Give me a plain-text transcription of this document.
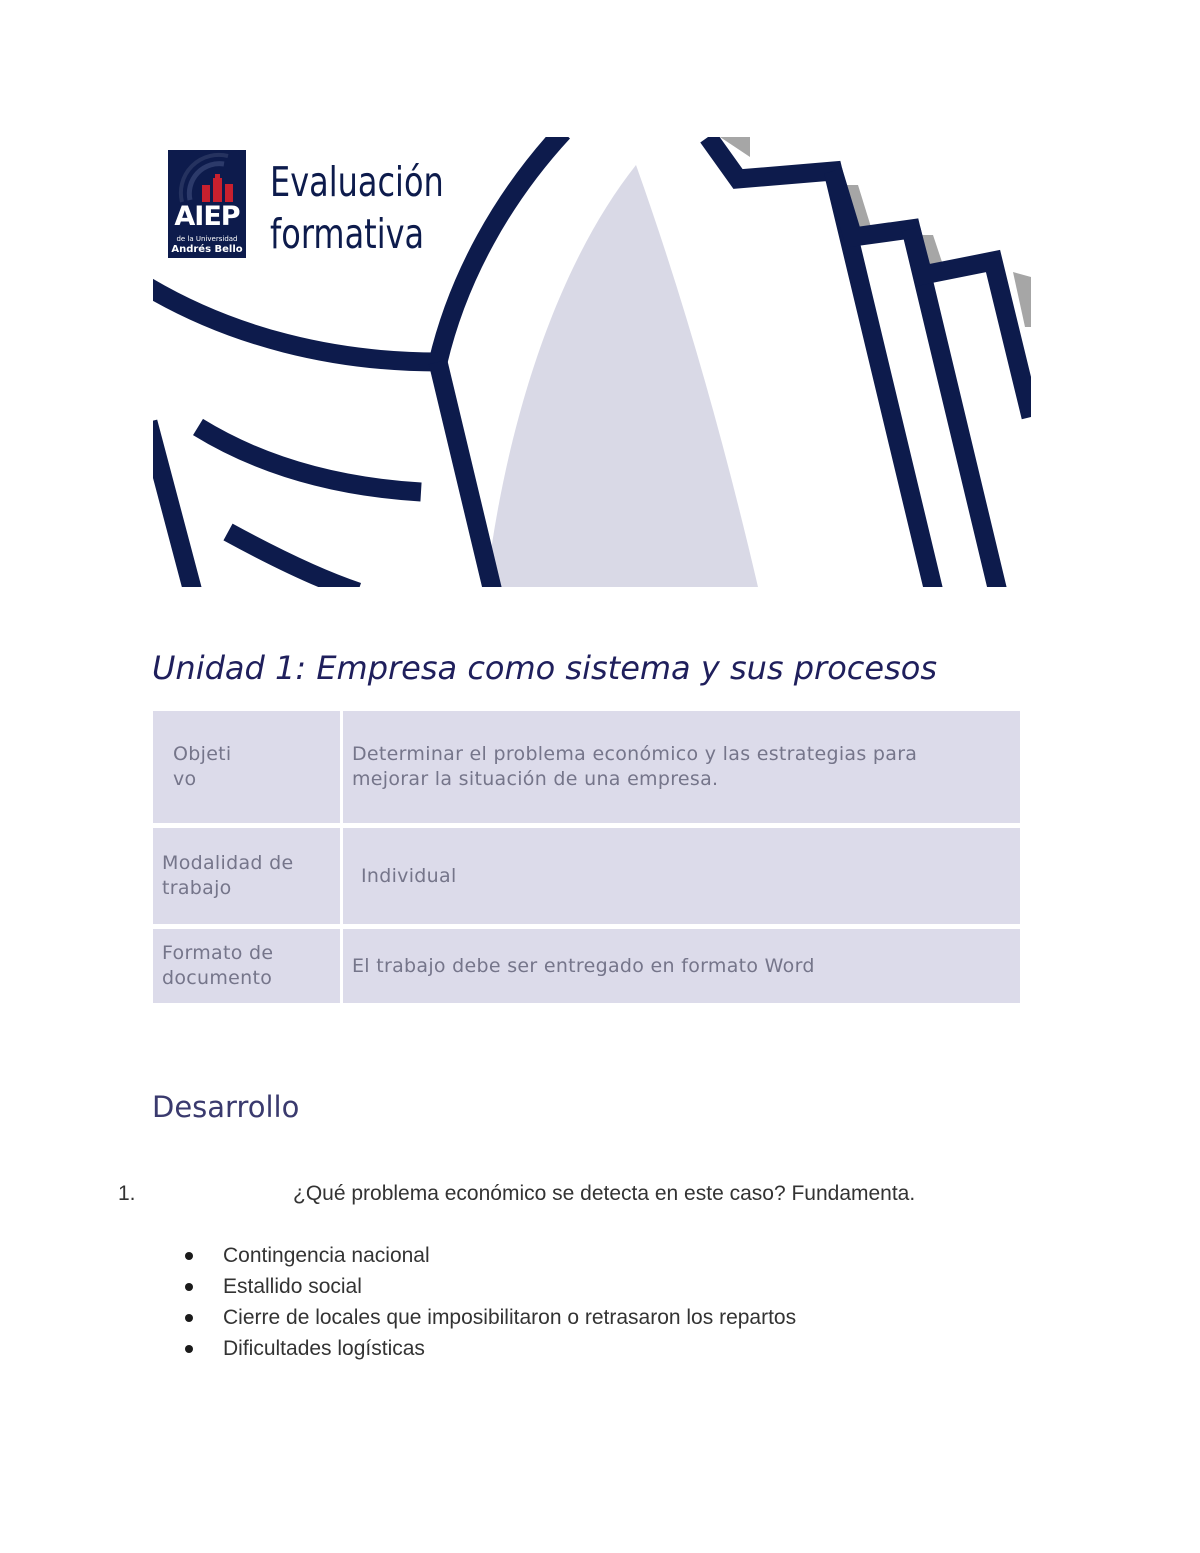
AIEP
de la Universidad
Andrés Bello
Evaluación
formativa
Unidad 1: Empresa como sistema y sus procesos
Objeti vo	Determinar el problema económico y las estrategias para mejorar la situación de una empresa.

Modalidad de trabajo	Individual

Formato de documento	El trabajo debe ser entregado en formato Word
Desarrollo
1.	¿Qué problema económico se detecta en este caso? Fundamenta.
Contingencia nacional
Estallido social
Cierre de locales que imposibilitaron o retrasaron los repartos
Dificultades logísticas
